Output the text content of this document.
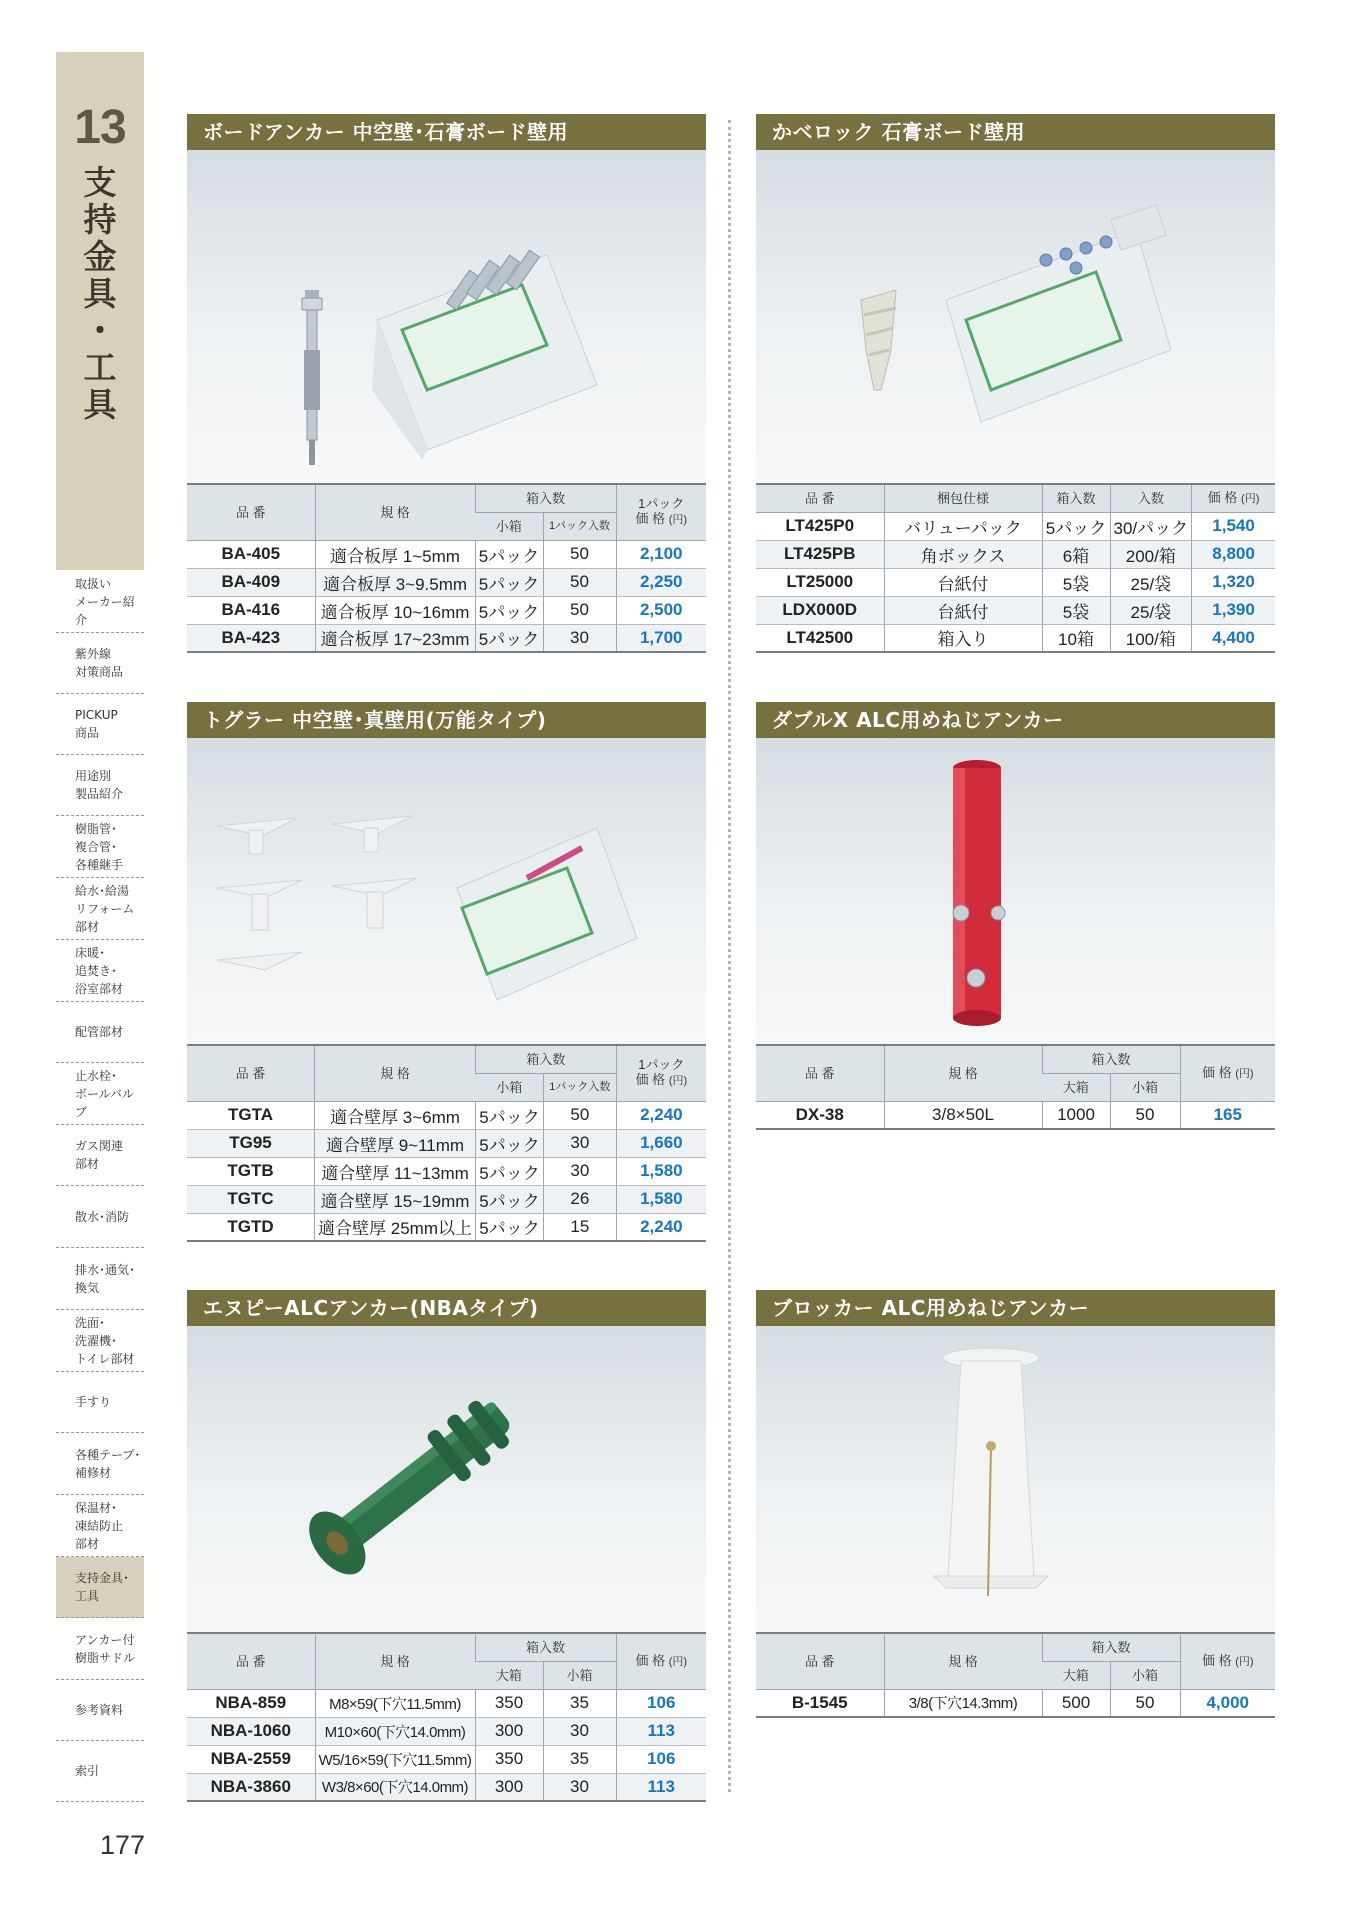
13
支
持
金
具
・
工
具
取扱い
メーカー紹介
紫外線
対策商品
PICKUP
商品
用途別
製品紹介
樹脂管･
複合管･
各種継手
給水･給湯
リフォーム
部材
床暖･
追焚き･
浴室部材
配管部材
止水栓･
ボールバルブ
ガス関連
部材
散水･消防
排水･通気･
換気
洗面･
洗濯機･
トイレ部材
手すり
各種テープ･
補修材
保温材･
凍結防止
部材
支持金具･
工具
アンカー付
樹脂サドル
参考資料
索引
177
ボードアンカー 中空壁･石膏ボード壁用
品 番	規 格	箱入数		1パック
価 格 (円)
		小箱	1パック入数	
BA-405	適合板厚 1~5mm	5パック	50	2,100
BA-409	適合板厚 3~9.5mm	5パック	50	2,250
BA-416	適合板厚 10~16mm	5パック	50	2,500
BA-423	適合板厚 17~23mm	5パック	30	1,700
かベロック 石膏ボード壁用
品 番	梱包仕様	箱入数	入数	価 格 (円)
LT425P0	バリューパック	5パック	30/パック	1,540
LT425PB	角ボックス	6箱	200/箱	8,800
LT25000	台紙付	5袋	25/袋	1,320
LDX000D	台紙付	5袋	25/袋	1,390
LT42500	箱入り	10箱	100/箱	4,400
トグラー 中空壁･真壁用(万能タイプ)
品 番	規 格	箱入数		1パック
価 格 (円)
		小箱	1パック入数	
TGTA	適合壁厚 3~6mm	5パック	50	2,240
TG95	適合壁厚 9~11mm	5パック	30	1,660
TGTB	適合壁厚 11~13mm	5パック	30	1,580
TGTC	適合壁厚 15~19mm	5パック	26	1,580
TGTD	適合壁厚 25mm以上	5パック	15	2,240
ダブルX ALC用めねじアンカー
品 番	規 格	箱入数		価 格 (円)
		大箱	小箱	
DX-38	3/8×50L	1000	50	165
エヌピーALCアンカー(NBAタイプ)
品 番	規 格	箱入数		価 格 (円)
		大箱	小箱	
NBA-859	M8×59(下穴11.5mm)	350	35	106
NBA-1060	M10×60(下穴14.0mm)	300	30	113
NBA-2559	W5/16×59(下穴11.5mm)	350	35	106
NBA-3860	W3/8×60(下穴14.0mm)	300	30	113
ブロッカー ALC用めねじアンカー
品 番	規 格	箱入数		価 格 (円)
		大箱	小箱	
B-1545	3/8(下穴14.3mm)	500	50	4,000
